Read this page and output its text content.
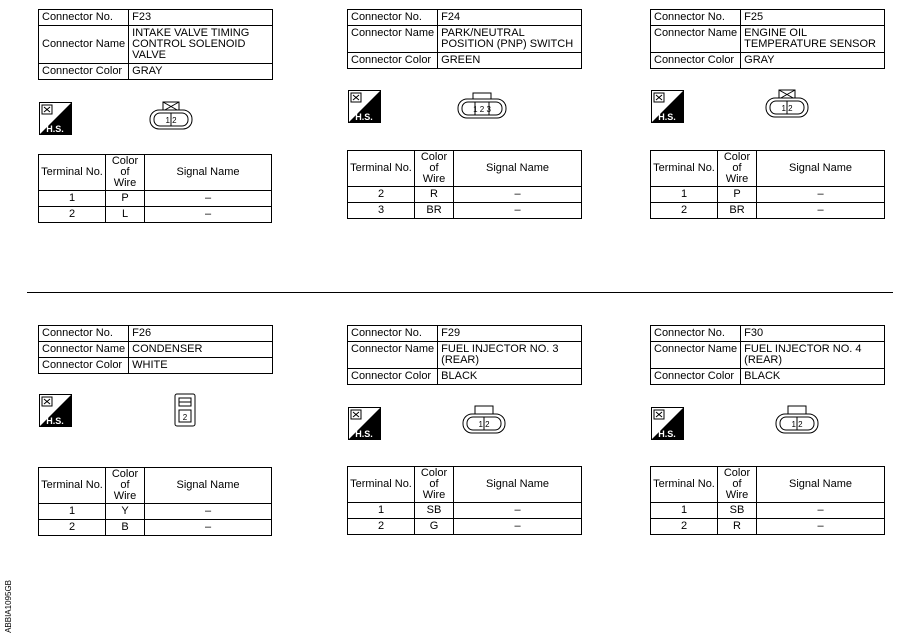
Connector No.	F23
Connector Name	INTAKE VALVE TIMING CONTROL SOLENOID VALVE
Connector Color	GRAY
H.S.
1 2
Terminal No.	Color of Wire	Signal Name
1	P	–
2	L	–
Connector No.	F24
Connector Name	PARK/NEUTRAL POSITION (PNP) SWITCH
Connector Color	GREEN
H.S.
1 2 3
Terminal No.	Color of Wire	Signal Name
2	R	–
3	BR	–
Connector No.	F25
Connector Name	ENGINE OIL TEMPERATURE SENSOR
Connector Color	GRAY
H.S.
1 2
Terminal No.	Color of Wire	Signal Name
1	P	–
2	BR	–
Connector No.	F26
Connector Name	CONDENSER
Connector Color	WHITE
H.S.	2
Terminal No.	Color of Wire	Signal Name
1	Y	–
2	B	–
Connector No.	F29
Connector Name	FUEL INJECTOR NO. 3 (REAR)
Connector Color	BLACK
H.S.
1 2
Terminal No.	Color of Wire	Signal Name
1	SB	–
2	G	–
Connector No.	F30
Connector Name	FUEL INJECTOR NO. 4 (REAR)
Connector Color	BLACK
H.S.
1 2
Terminal No.	Color of Wire	Signal Name
1	SB	–
2	R	–
ABBIA1095GB
